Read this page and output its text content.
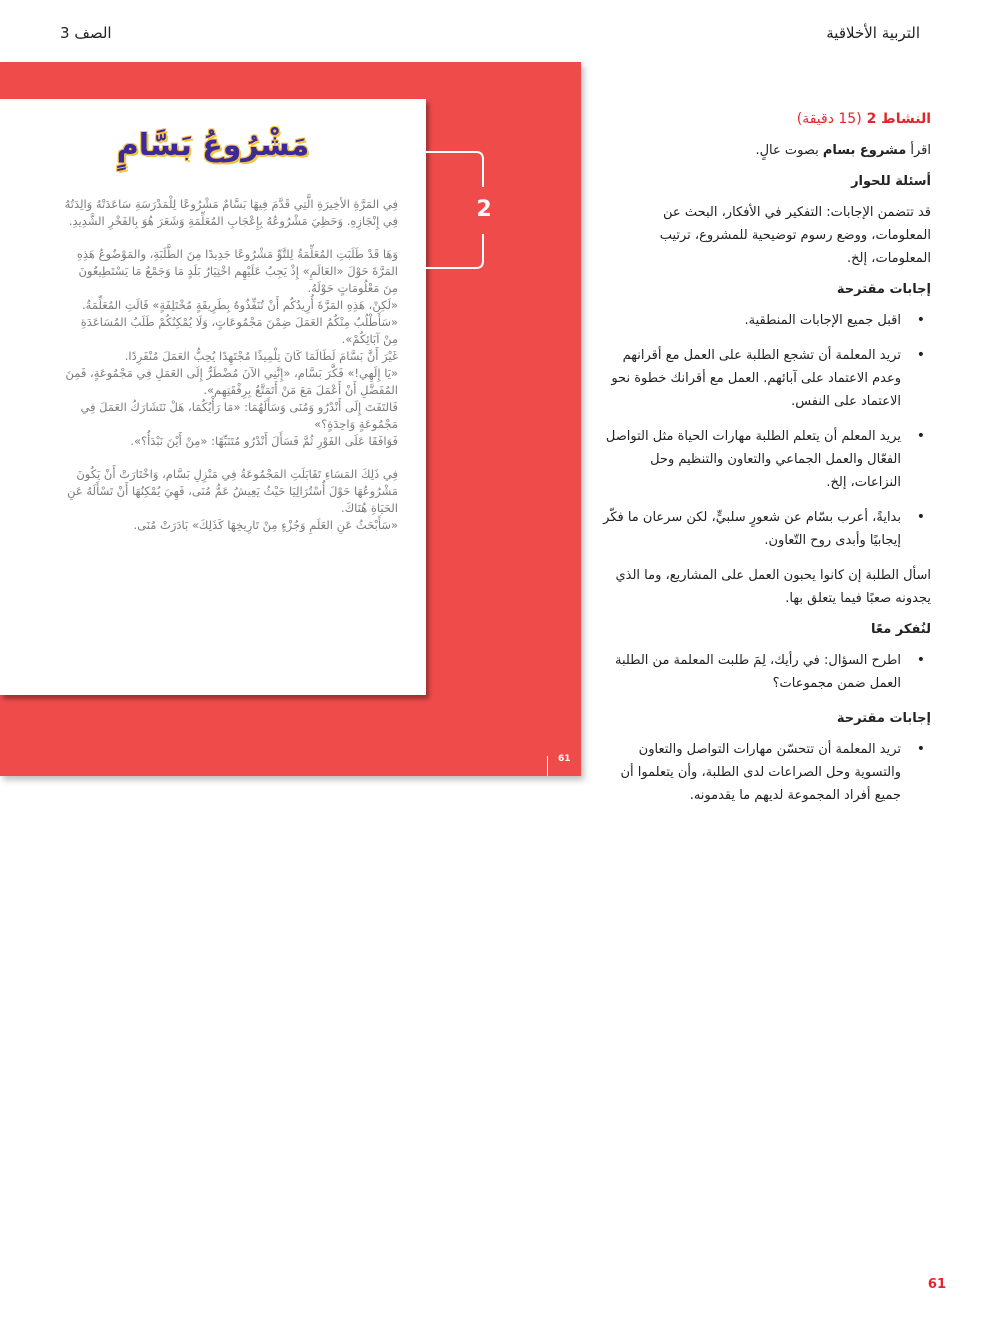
الصف 3	التربية الأخلاقية
مَشْرُوعُ بَسَّامٍ

فِي المَرَّةِ الأخِيرَةِ الَّتِي قَدَّمَ فِيهَا بَسَّامٌ مَشْرُوعًا لِلْمَدْرَسَةِ سَاعَدَتْهُ وَالِدَتُهُ
فِي إِنْجَازِهِ. وَحَظِيَ مَشْرُوعُهُ بِإِعْجَابِ المُعَلِّمَةِ وَشَعَرَ هُوَ بِالفَخْرِ الشَّدِيدِ.

وَهَا قَدْ طَلَبَتِ المُعَلِّمَةُ لِلتَّوِّ مَشْرُوعًا جَدِيدًا مِنَ الطَّلَبَةِ، والمَوْضُوعُ هَذِهِ
المَرَّةَ حَوْلَ «العَالَمِ» إِذْ يَجِبُ عَلَيْهِم اخْتِيَارُ بَلَدٍ مَا وَجَمْعُ مَا يَسْتَطِيعُونَ
مِنَ مَعْلُومَاتٍ حَوْلَهُ.
«لَكِنْ، هَذِهِ المَرَّةَ أُرِيدُكُم أَنْ تُنَفِّذُوهُ بِطَرِيقَةٍ مُخْتَلِفَةٍ» قَالَتِ المُعَلِّمَةُ.
«سَأَطْلُبُ مِنْكُمُ العَمَلَ ضِمْنَ مَجْمُوعَاتٍ، وَلَا يُمْكِنُكُمْ طَلَبُ المُسَاعَدَةِ
مِنْ آبَائِكُمْ».
غَيْرَ أَنَّ بَسَّامَ لَطَالَمَا كَانَ تِلْمِيذًا مُجْتَهِدًا يُحِبُّ العَمَلَ مُنْفَرِدًا.
«يَا إِلَهِي!» فَكَّرَ بَسَّام، «إِنَّنِي الآنَ مُضْطَرٌّ إِلَى العَمَلِ فِي مَجْمُوعَةٍ، فَمِنَ
المُفَضَّلِ أَنْ أَعْمَلَ مَعَ مَنْ أَتَمَتَّعُ بِرِفْقَتِهِم».
فَالتَفَتَ إِلَى أَنْدْرُو وَمُنَى وَسَأَلَهُمَا: «مَا رَأْيُكُمَا، هَلْ نَتَشَارَكُ العَمَلَ فِي
مَجْمُوعَةٍ وَاحِدَةٍ؟»
فَوَافَقَا عَلَى الفَوْرِ ثُمَّ فَسَأَلَ أَنْدْرُو مُتَنَبِّهًا: «مِنْ أَيْنَ نَبْدَأُ؟».

فِي ذَلِكَ المَسَاءِ تَقَابَلَتِ المَجْمُوعَةُ فِي مَنْزِلِ بَسَّام، وَاخْتَارَتْ أَنْ يَكُونَ
مَشْرُوعُهَا حَوْلَ أُسْتُرَالِيَا حَيْثُ يَعِيشُ عَمُّ مُنَى، فَهِيَ يُمْكِنُهَا أَنْ تَسْأَلَهُ عَنِ
الحَيَاةِ هُنَاكَ.
«سَأَبْحَثُ عَنِ العَلَمِ وَجُزْءٍ مِنْ تَارِيخِهَا كَذَلِكَ» بَادَرَتْ مُنَى.

2
61
النشاط 2 (15 دقيقة)
اقرأ مشروع بسام بصوت عالٍ.
أسئلة للحوار
قد تتضمن الإجابات: التفكير في الأفكار، البحث عن المعلومات، ووضع رسوم توضيحية للمشروع، ترتيب المعلومات، إلخ.
إجابات مقترحة
• اقبل جميع الإجابات المنطقية.
• تريد المعلمة أن تشجع الطلبة على العمل مع أقرانهم وعدم الاعتماد على آبائهم. العمل مع أقرانك خطوة نحو الاعتماد على النفس.
• يريد المعلم أن يتعلم الطلبة مهارات الحياة مثل التواصل الفعّال والعمل الجماعي والتعاون والتنظيم وحل النزاعات، إلخ.
• بدايةً، أعرب بسّام عن شعورٍ سلبيٍّ، لكن سرعان ما فكّر إيجابيًا وأبدى روح التّعاون.
اسأل الطلبة إن كانوا يحبون العمل على المشاريع، وما الذي يجدونه صعبًا فيما يتعلق بها.
لنُفكر معًا
• اطرح السؤال: في رأيك، لِمَ طلبت المعلمة من الطلبة العمل ضمن مجموعات؟
إجابات مقترحة
• تريد المعلمة أن تتحسّن مهارات التواصل والتعاون والتسوية وحل الصراعات لدى الطلبة، وأن يتعلموا أن جميع أفراد المجموعة لديهم ما يقدمونه.
61
